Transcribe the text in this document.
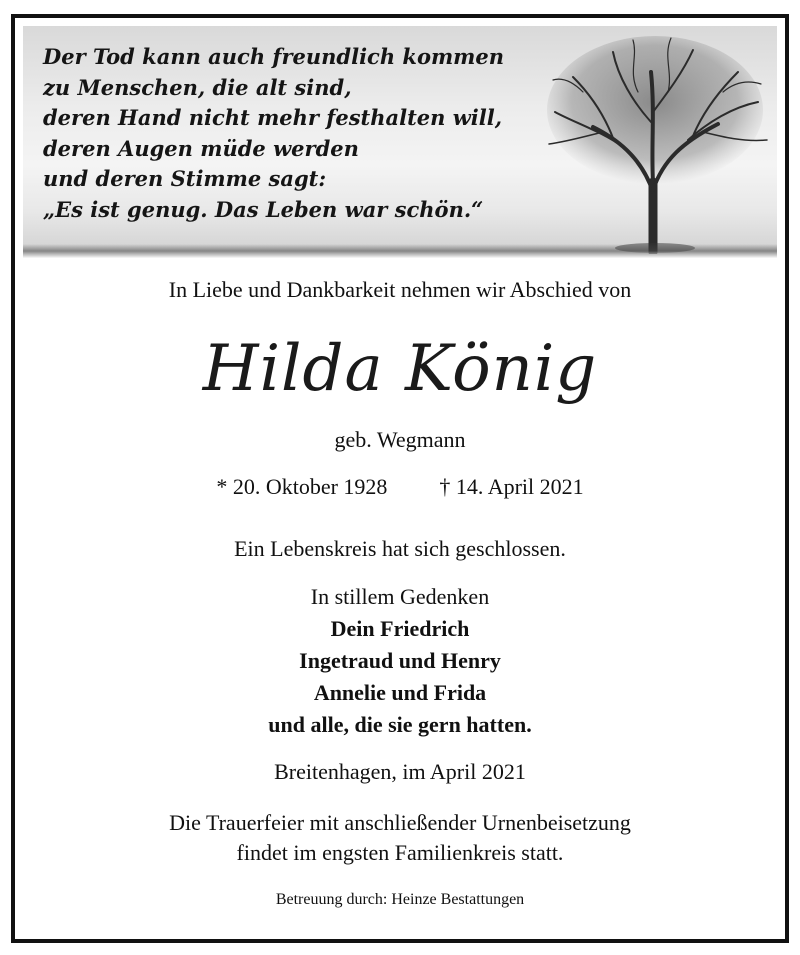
Der Tod kann auch freundlich kommen
zu Menschen, die alt sind,
deren Hand nicht mehr festhalten will,
deren Augen müde werden
und deren Stimme sagt:
„Es ist genug. Das Leben war schön.“
In Liebe und Dankbarkeit nehmen wir Abschied von
Hilda König
geb. Wegmann
* 20. Oktober 1928 † 14. April 2021
Ein Lebenskreis hat sich geschlossen.
In stillem Gedenken
Dein Friedrich
Ingetraud und Henry
Annelie und Frida
und alle, die sie gern hatten.
Breitenhagen, im April 2021
Die Trauerfeier mit anschließender Urnenbeisetzung
findet im engsten Familienkreis statt.
Betreuung durch: Heinze Bestattungen
